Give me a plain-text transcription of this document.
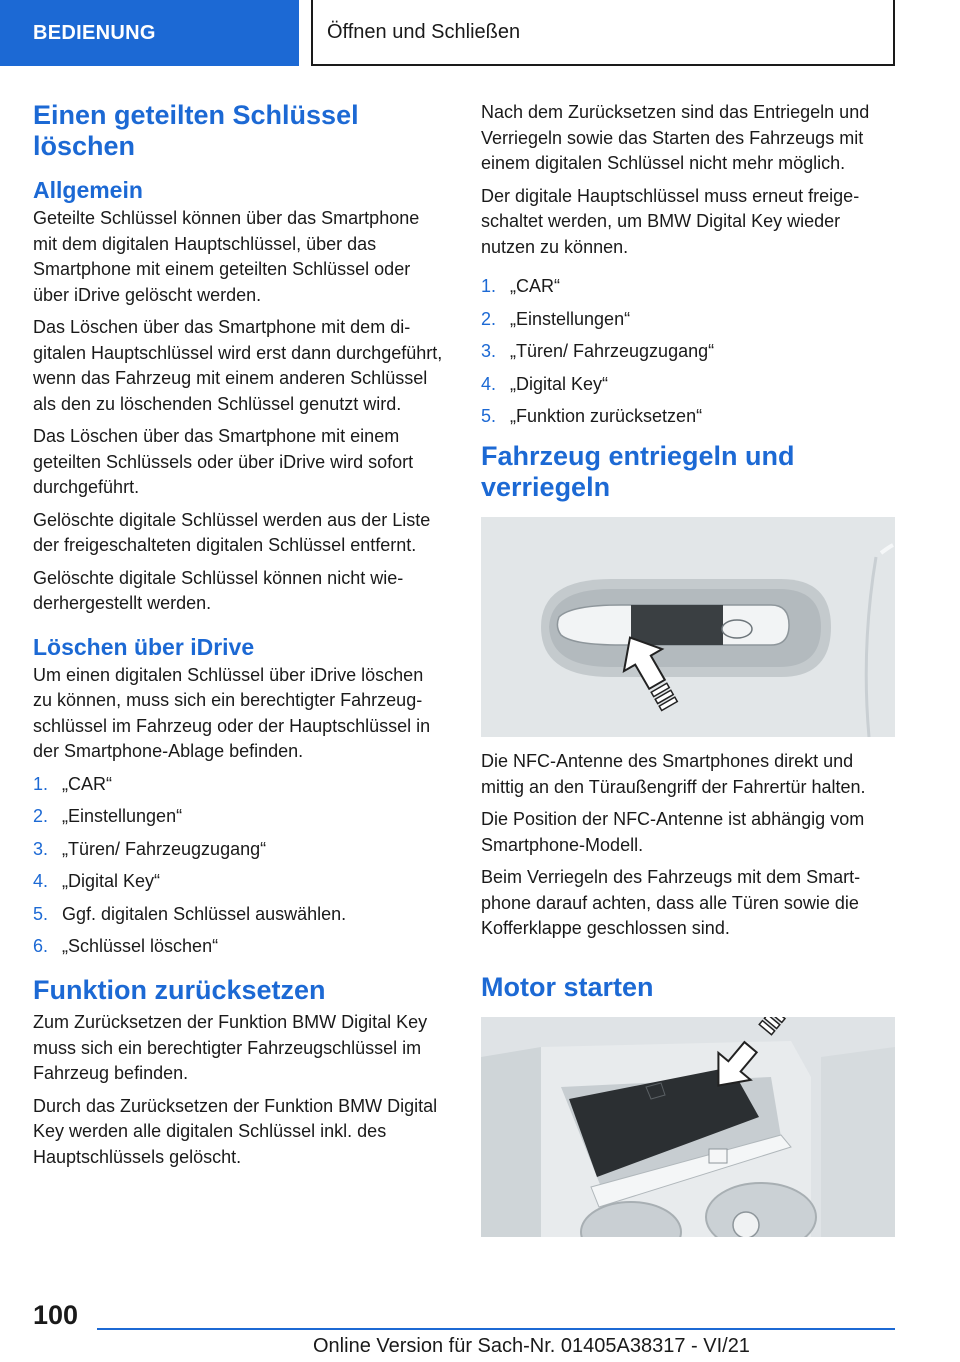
BEDIENUNG	Öffnen und Schließen
Einen geteilten Schlüssel löschen
Allgemein

Geteilte Schlüssel können über das Smartphone mit dem digitalen Hauptschlüssel, über das Smartphone mit einem geteilten Schlüssel oder über iDrive gelöscht werden.

Das Löschen über das Smartphone mit dem digitalen Hauptschlüssel wird erst dann durchgeführt, wenn das Fahrzeug mit einem anderen Schlüssel als den zu löschenden Schlüssel genutzt wird.

Das Löschen über das Smartphone mit einem geteilten Schlüssels oder über iDrive wird sofort durchgeführt.

Gelöschte digitale Schlüssel werden aus der Liste der freigeschalteten digitalen Schlüssel entfernt.

Gelöschte digitale Schlüssel können nicht wiederhergestellt werden.

Löschen über iDrive

Um einen digitalen Schlüssel über iDrive löschen zu können, muss sich ein berechtigter Fahrzeugschlüssel im Fahrzeug oder der Hauptschlüssel in der Smartphone-Ablage befinden.

1. „CAR“
2. „Einstellungen“
3. „Türen/ Fahrzeugzugang“
4. „Digital Key“
5. Ggf. digitalen Schlüssel auswählen.
6. „Schlüssel löschen“
Funktion zurücksetzen

Zum Zurücksetzen der Funktion BMW Digital Key muss sich ein berechtigter Fahrzeugschlüssel im Fahrzeug befinden.

Durch das Zurücksetzen der Funktion BMW Digital Key werden alle digitalen Schlüssel inkl. des Hauptschlüssels gelöscht.

Nach dem Zurücksetzen sind das Entriegeln und Verriegeln sowie das Starten des Fahrzeugs mit einem digitalen Schlüssel nicht mehr möglich.

Der digitale Hauptschlüssel muss erneut freigeschaltet werden, um BMW Digital Key wieder nutzen zu können.

1. „CAR“
2. „Einstellungen“
3. „Türen/ Fahrzeugzugang“
4. „Digital Key“
5. „Funktion zurücksetzen“
Fahrzeug entriegeln und verriegeln

Die NFC-Antenne des Smartphones direkt und mittig an den Türaußengriff der Fahrertür halten.

Die Position der NFC-Antenne ist abhängig vom Smartphone-Modell.

Beim Verriegeln des Fahrzeugs mit dem Smartphone darauf achten, dass alle Türen sowie die Kofferklappe geschlossen sind.

Motor starten
100
Online Version für Sach-Nr. 01405A38317 - VI/21
